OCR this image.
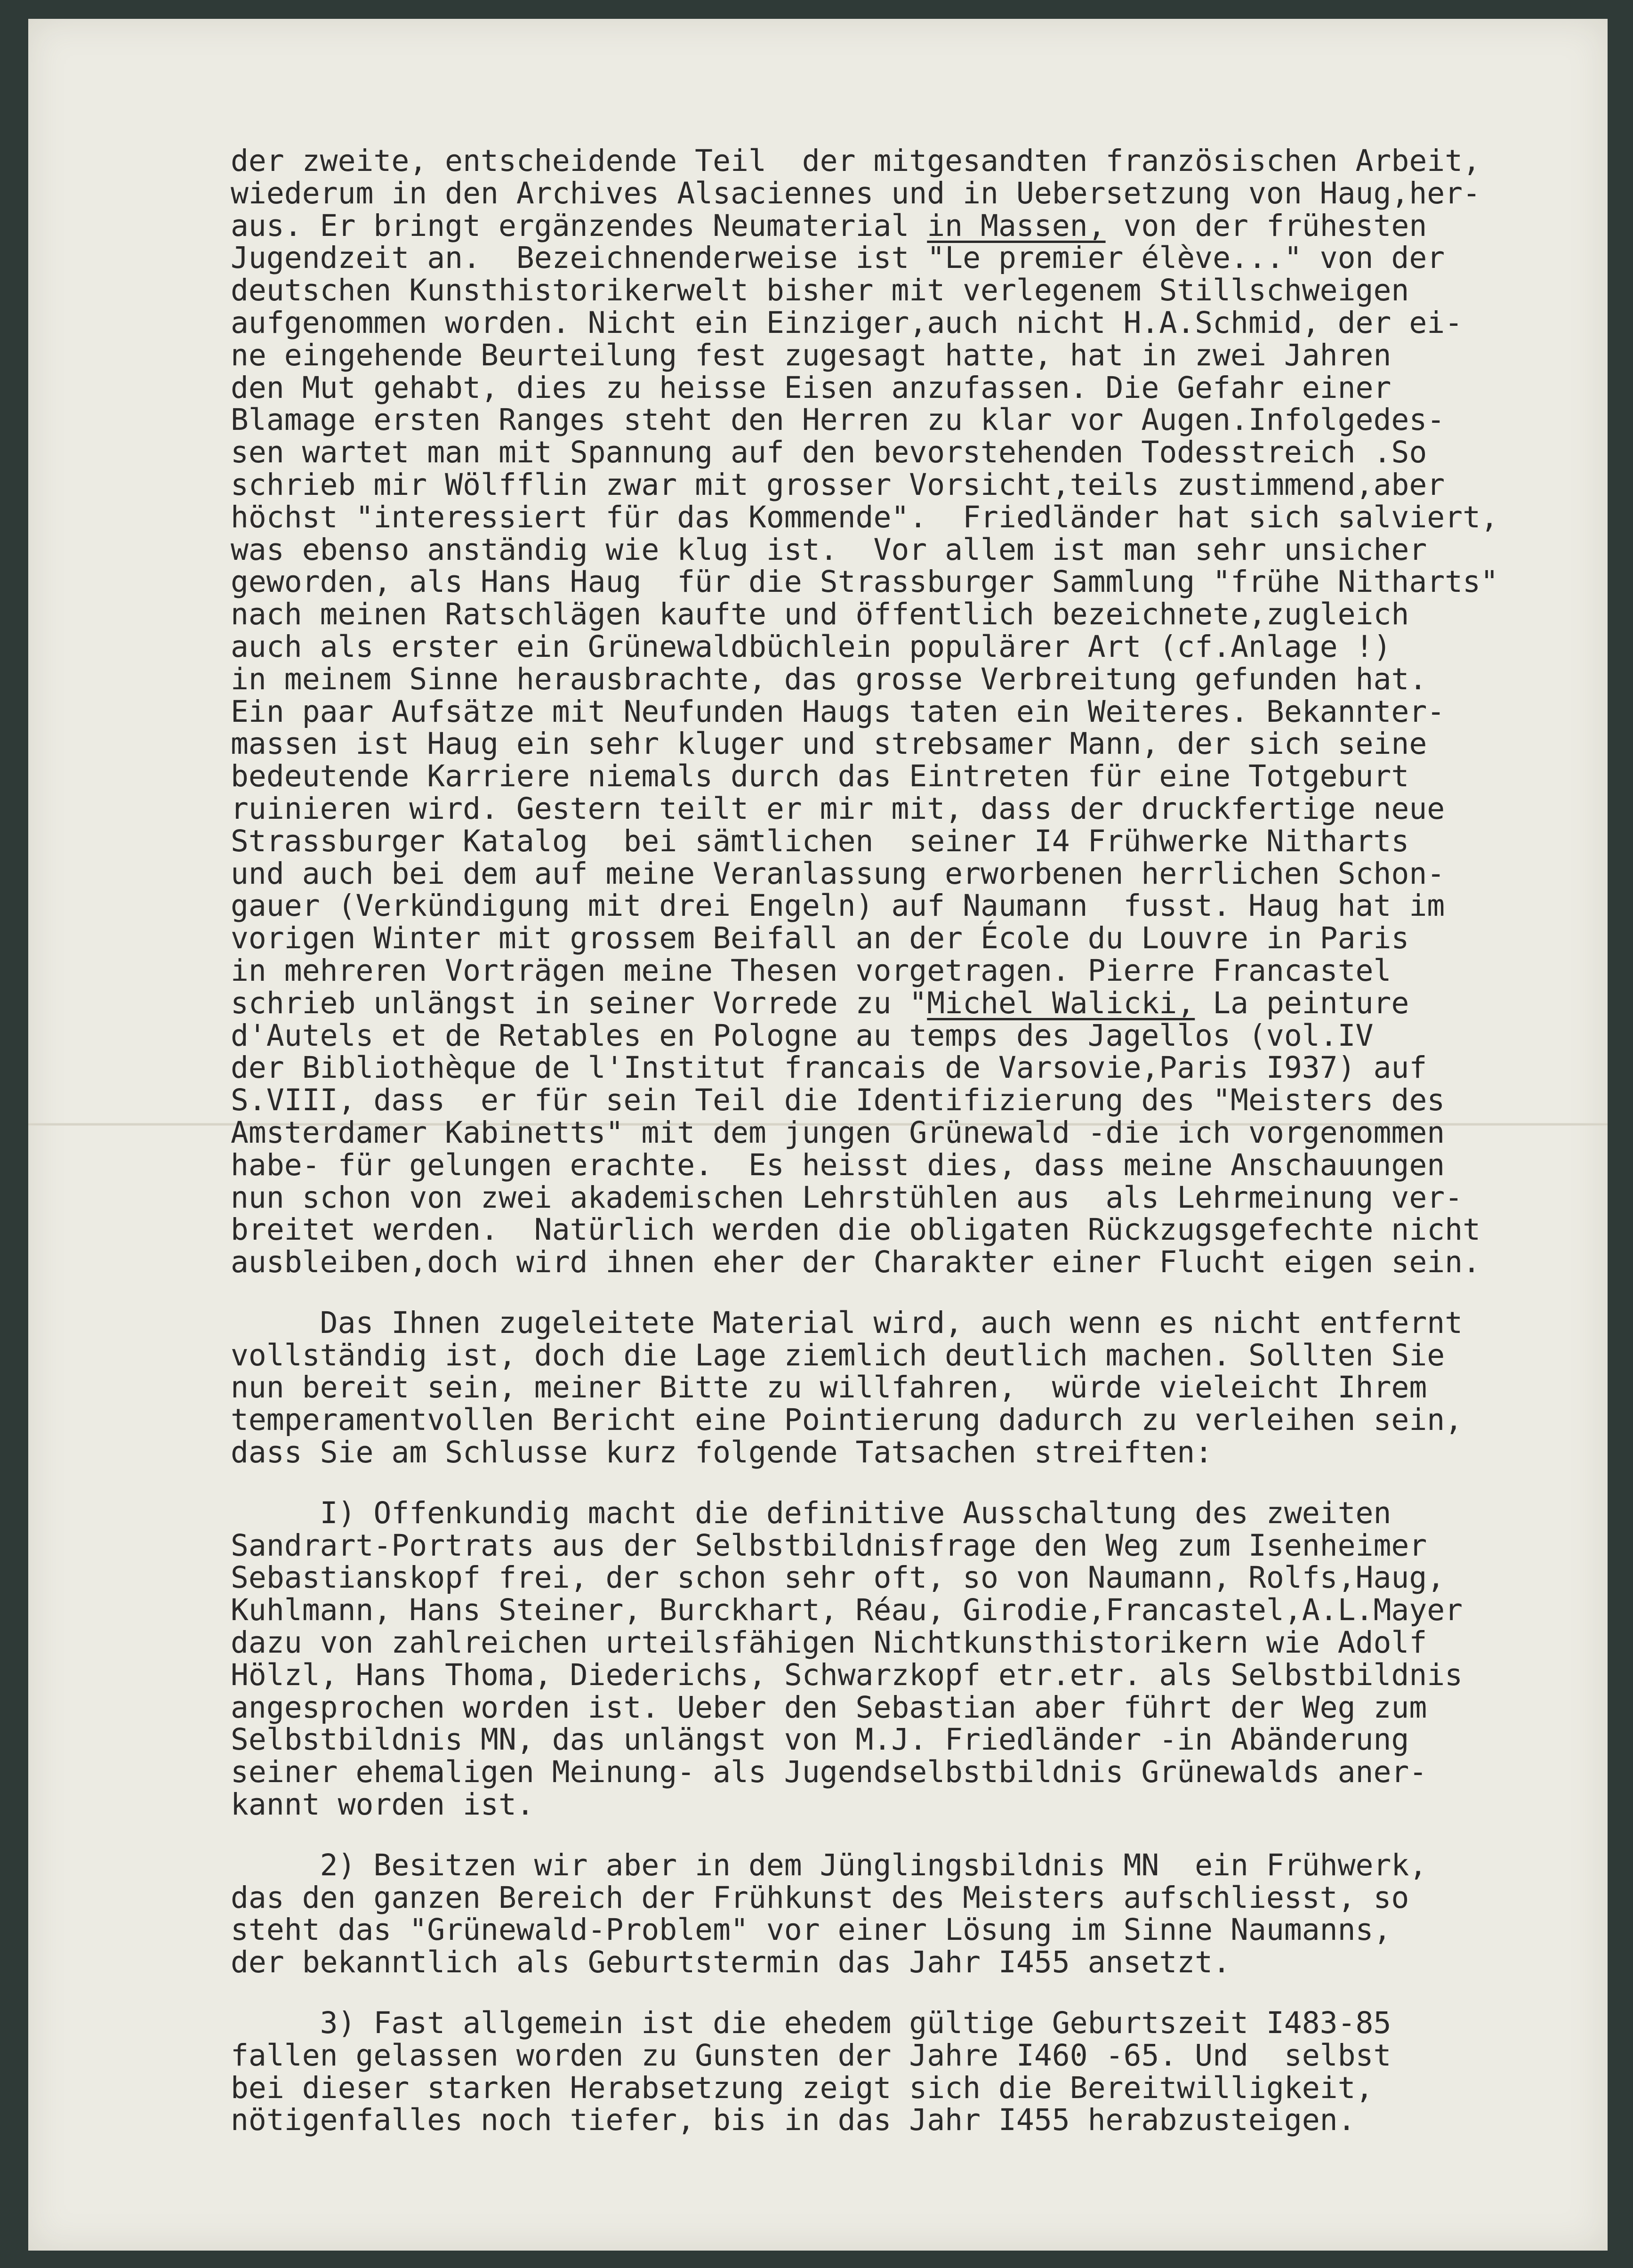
der zweite, entscheidende Teil  der mitgesandten französischen Arbeit,
wiederum in den Archives Alsaciennes und in Uebersetzung von Haug,her-
aus. Er bringt ergänzendes Neumaterial in Massen, von der frühesten
Jugendzeit an.  Bezeichnenderweise ist "Le premier élève..." von der
deutschen Kunsthistorikerwelt bisher mit verlegenem Stillschweigen
aufgenommen worden. Nicht ein Einziger,auch nicht H.A.Schmid, der ei-
ne eingehende Beurteilung fest zugesagt hatte, hat in zwei Jahren
den Mut gehabt, dies zu heisse Eisen anzufassen. Die Gefahr einer
Blamage ersten Ranges steht den Herren zu klar vor Augen.Infolgedes-
sen wartet man mit Spannung auf den bevorstehenden Todesstreich .So
schrieb mir Wölfflin zwar mit grosser Vorsicht,teils zustimmend,aber
höchst "interessiert für das Kommende".  Friedländer hat sich salviert,
was ebenso anständig wie klug ist.  Vor allem ist man sehr unsicher
geworden, als Hans Haug  für die Strassburger Sammlung "frühe Nitharts"
nach meinen Ratschlägen kaufte und öffentlich bezeichnete,zugleich
auch als erster ein Grünewaldbüchlein populärer Art (cf.Anlage !)
in meinem Sinne herausbrachte, das grosse Verbreitung gefunden hat.
Ein paar Aufsätze mit Neufunden Haugs taten ein Weiteres. Bekannter-
massen ist Haug ein sehr kluger und strebsamer Mann, der sich seine
bedeutende Karriere niemals durch das Eintreten für eine Totgeburt
ruinieren wird. Gestern teilt er mir mit, dass der druckfertige neue
Strassburger Katalog  bei sämtlichen  seiner I4 Frühwerke Nitharts
und auch bei dem auf meine Veranlassung erworbenen herrlichen Schon-
gauer (Verkündigung mit drei Engeln) auf Naumann  fusst. Haug hat im
vorigen Winter mit grossem Beifall an der École du Louvre in Paris
in mehreren Vorträgen meine Thesen vorgetragen. Pierre Francastel
schrieb unlängst in seiner Vorrede zu "Michel Walicki, La peinture
d'Autels et de Retables en Pologne au temps des Jagellos (vol.IV
der Bibliothèque de l'Institut francais de Varsovie,Paris I937) auf
S.VIII, dass  er für sein Teil die Identifizierung des "Meisters des
Amsterdamer Kabinetts" mit dem jungen Grünewald -die ich vorgenommen
habe- für gelungen erachte.  Es heisst dies, dass meine Anschauungen
nun schon von zwei akademischen Lehrstühlen aus  als Lehrmeinung ver-
breitet werden.  Natürlich werden die obligaten Rückzugsgefechte nicht
ausbleiben,doch wird ihnen eher der Charakter einer Flucht eigen sein.
Das Ihnen zugeleitete Material wird, auch wenn es nicht entfernt
vollständig ist, doch die Lage ziemlich deutlich machen. Sollten Sie
nun bereit sein, meiner Bitte zu willfahren,  würde vieleicht Ihrem
temperamentvollen Bericht eine Pointierung dadurch zu verleihen sein,
dass Sie am Schlusse kurz folgende Tatsachen streiften:
I) Offenkundig macht die definitive Ausschaltung des zweiten
Sandrart-Portrats aus der Selbstbildnisfrage den Weg zum Isenheimer
Sebastianskopf frei, der schon sehr oft, so von Naumann, Rolfs,Haug,
Kuhlmann, Hans Steiner, Burckhart, Réau, Girodie,Francastel,A.L.Mayer
dazu von zahlreichen urteilsfähigen Nichtkunsthistorikern wie Adolf
Hölzl, Hans Thoma, Diederichs, Schwarzkopf etr.etr. als Selbstbildnis
angesprochen worden ist. Ueber den Sebastian aber führt der Weg zum
Selbstbildnis MN, das unlängst von M.J. Friedländer -in Abänderung
seiner ehemaligen Meinung- als Jugendselbstbildnis Grünewalds aner-
kannt worden ist.
2) Besitzen wir aber in dem Jünglingsbildnis MN  ein Frühwerk,
das den ganzen Bereich der Frühkunst des Meisters aufschliesst, so
steht das "Grünewald-Problem" vor einer Lösung im Sinne Naumanns,
der bekanntlich als Geburtstermin das Jahr I455 ansetzt.
3) Fast allgemein ist die ehedem gültige Geburtszeit I483-85
fallen gelassen worden zu Gunsten der Jahre I460 -65. Und  selbst
bei dieser starken Herabsetzung zeigt sich die Bereitwilligkeit,
nötigenfalles noch tiefer, bis in das Jahr I455 herabzusteigen.
